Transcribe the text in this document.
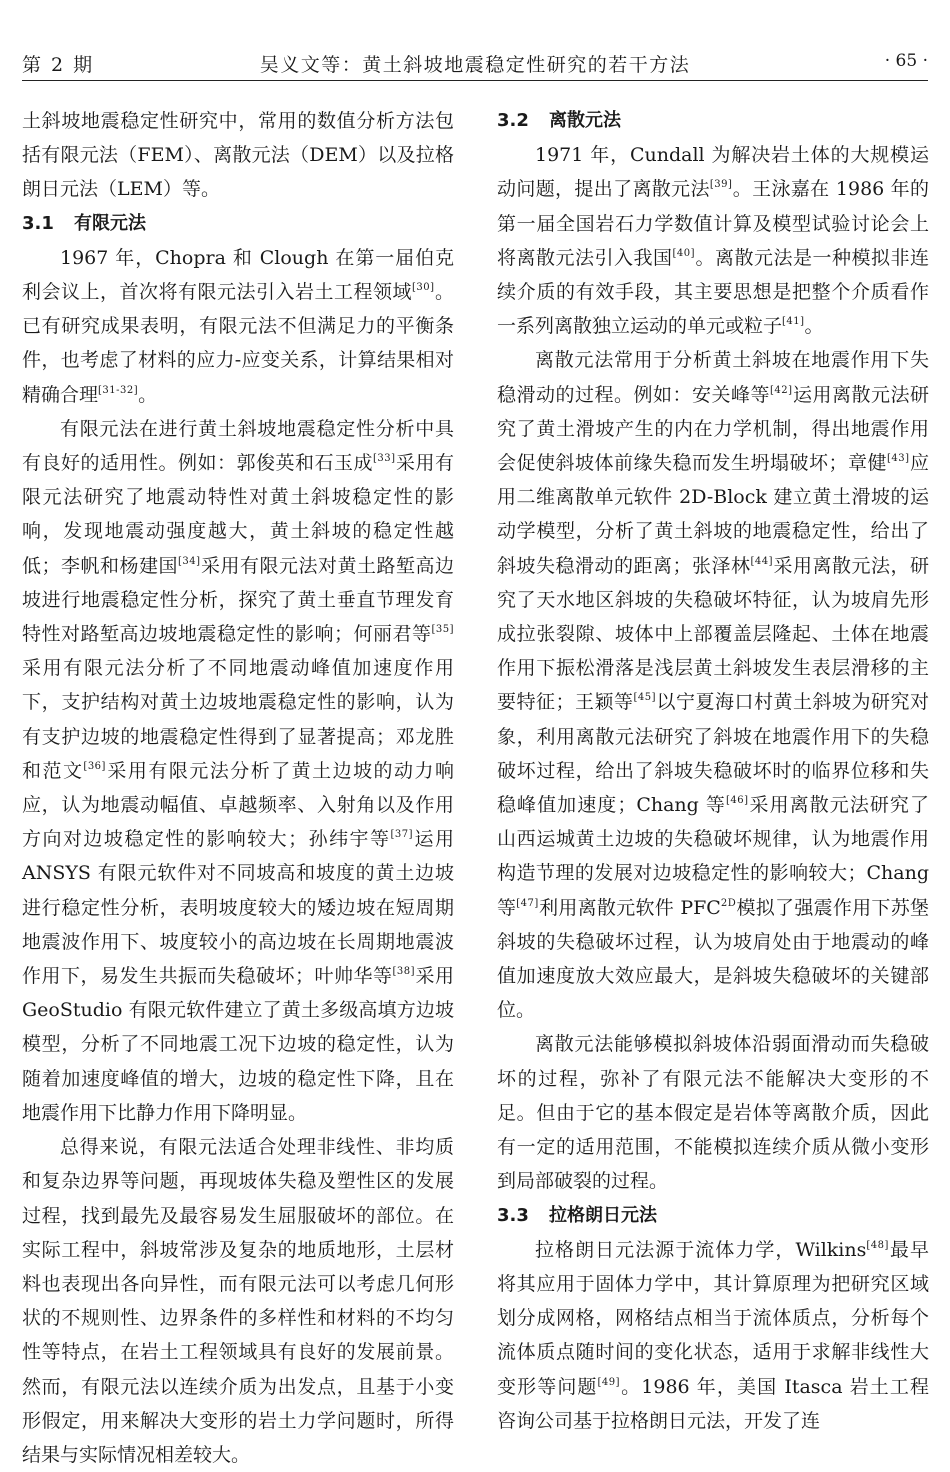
第 2 期	吴义文等：黄土斜坡地震稳定性研究的若干方法	· 65 ·

土斜坡地震稳定性研究中，常用的数值分析方法包括有限元法（FEM）、离散元法（DEM）以及拉格朗日元法（LEM）等。

3.1 有限元法

1967 年，Chopra 和 Clough 在第一届伯克利会议上，首次将有限元法引入岩土工程领域[30]。已有研究成果表明，有限元法不但满足力的平衡条件，也考虑了材料的应力-应变关系，计算结果相对精确合理[31-32]。

有限元法在进行黄土斜坡地震稳定性分析中具有良好的适用性。例如：郭俊英和石玉成[33]采用有限元法研究了地震动特性对黄土斜坡稳定性的影响，发现地震动强度越大，黄土斜坡的稳定性越低；李帆和杨建国[34]采用有限元法对黄土路堑高边坡进行地震稳定性分析，探究了黄土垂直节理发育特性对路堑高边坡地震稳定性的影响；何丽君等[35]采用有限元法分析了不同地震动峰值加速度作用下，支护结构对黄土边坡地震稳定性的影响，认为有支护边坡的地震稳定性得到了显著提高；邓龙胜和范文[36]采用有限元法分析了黄土边坡的动力响应，认为地震动幅值、卓越频率、入射角以及作用方向对边坡稳定性的影响较大；孙纬宇等[37]运用 ANSYS 有限元软件对不同坡高和坡度的黄土边坡进行稳定性分析，表明坡度较大的矮边坡在短周期地震波作用下、坡度较小的高边坡在长周期地震波作用下，易发生共振而失稳破坏；叶帅华等[38]采用 GeoStudio 有限元软件建立了黄土多级高填方边坡模型，分析了不同地震工况下边坡的稳定性，认为随着加速度峰值的增大，边坡的稳定性下降，且在地震作用下比静力作用下降明显。

总得来说，有限元法适合处理非线性、非均质和复杂边界等问题，再现坡体失稳及塑性区的发展过程，找到最先及最容易发生屈服破坏的部位。在实际工程中，斜坡常涉及复杂的地质地形，土层材料也表现出各向异性，而有限元法可以考虑几何形状的不规则性、边界条件的多样性和材料的不均匀性等特点，在岩土工程领域具有良好的发展前景。然而，有限元法以连续介质为出发点，且基于小变形假定，用来解决大变形的岩土力学问题时，所得结果与实际情况相差较大。

3.2 离散元法

1971 年，Cundall 为解决岩土体的大规模运动问题，提出了离散元法[39]。王泳嘉在 1986 年的第一届全国岩石力学数值计算及模型试验讨论会上将离散元法引入我国[40]。离散元法是一种模拟非连续介质的有效手段，其主要思想是把整个介质看作一系列离散独立运动的单元或粒子[41]。

离散元法常用于分析黄土斜坡在地震作用下失稳滑动的过程。例如：安关峰等[42]运用离散元法研究了黄土滑坡产生的内在力学机制，得出地震作用会促使斜坡体前缘失稳而发生坍塌破坏；章健[43]应用二维离散单元软件 2D-Block 建立黄土滑坡的运动学模型，分析了黄土斜坡的地震稳定性，给出了斜坡失稳滑动的距离；张泽林[44]采用离散元法，研究了天水地区斜坡的失稳破坏特征，认为坡肩先形成拉张裂隙、坡体中上部覆盖层隆起、土体在地震作用下振松滑落是浅层黄土斜坡发生表层滑移的主要特征；王颖等[45]以宁夏海口村黄土斜坡为研究对象，利用离散元法研究了斜坡在地震作用下的失稳破坏过程，给出了斜坡失稳破坏时的临界位移和失稳峰值加速度；Chang 等[46]采用离散元法研究了山西运城黄土边坡的失稳破坏规律，认为地震作用构造节理的发展对边坡稳定性的影响较大；Chang 等[47]利用离散元软件 $PFC^{2D}$模拟了强震作用下苏堡斜坡的失稳破坏过程，认为坡肩处由于地震动的峰值加速度放大效应最大，是斜坡失稳破坏的关键部位。

离散元法能够模拟斜坡体沿弱面滑动而失稳破坏的过程，弥补了有限元法不能解决大变形的不足。但由于它的基本假定是岩体等离散介质，因此有一定的适用范围，不能模拟连续介质从微小变形到局部破裂的过程。

3.3 拉格朗日元法

拉格朗日元法源于流体力学，Wilkins[48]最早将其应用于固体力学中，其计算原理为把研究区域划分成网格，网格结点相当于流体质点，分析每个流体质点随时间的变化状态，适用于求解非线性大变形等问题[49]。1986 年，美国 Itasca 岩土工程咨询公司基于拉格朗日元法，开发了连
